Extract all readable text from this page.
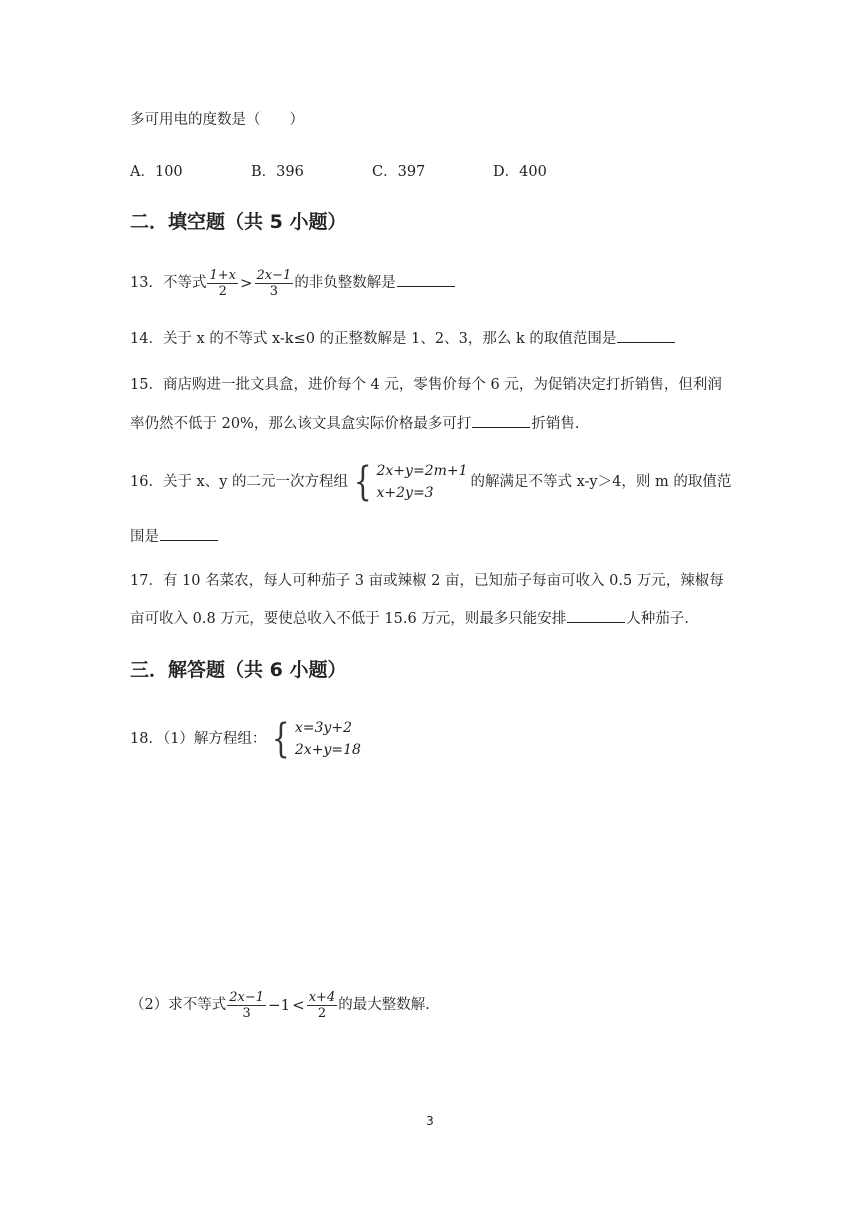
多可用电的度数是（　　）
A．100	B．396	C．397	D．400
二．填空题（共 5 小题）
13．不等式 $\frac{1+x}{2} > \frac{2x-1}{3}$ 的非负整数解是
14．关于 x 的不等式 x-k≤0 的正整数解是 1、2、3，那么 k 的取值范围是
15．商店购进一批文具盒，进价每个 4 元，零售价每个 6 元，为促销决定打折销售，但利润
率仍然不低于 20%，那么该文具盒实际价格最多可打	折销售.
16．关于 x、y 的二元一次方程组 { 2x+y=2m+1
x+2y=3
的解满足不等式 x-y＞4，则 m 的取值范
围是
17．有 10 名菜农，每人可种茄子 3 亩或辣椒 2 亩，已知茄子每亩可收入 0.5 万元，辣椒每
亩可收入 0.8 万元，要使总收入不低于 15.6 万元，则最多只能安排	人种茄子.
三．解答题（共 6 小题）
18．（1）解方程组： { x=3y+2
2x+y=18
（2）求不等式 $\frac{2x-1}{3} -1 < \frac{x+4}{2}$ 的最大整数解.
3
